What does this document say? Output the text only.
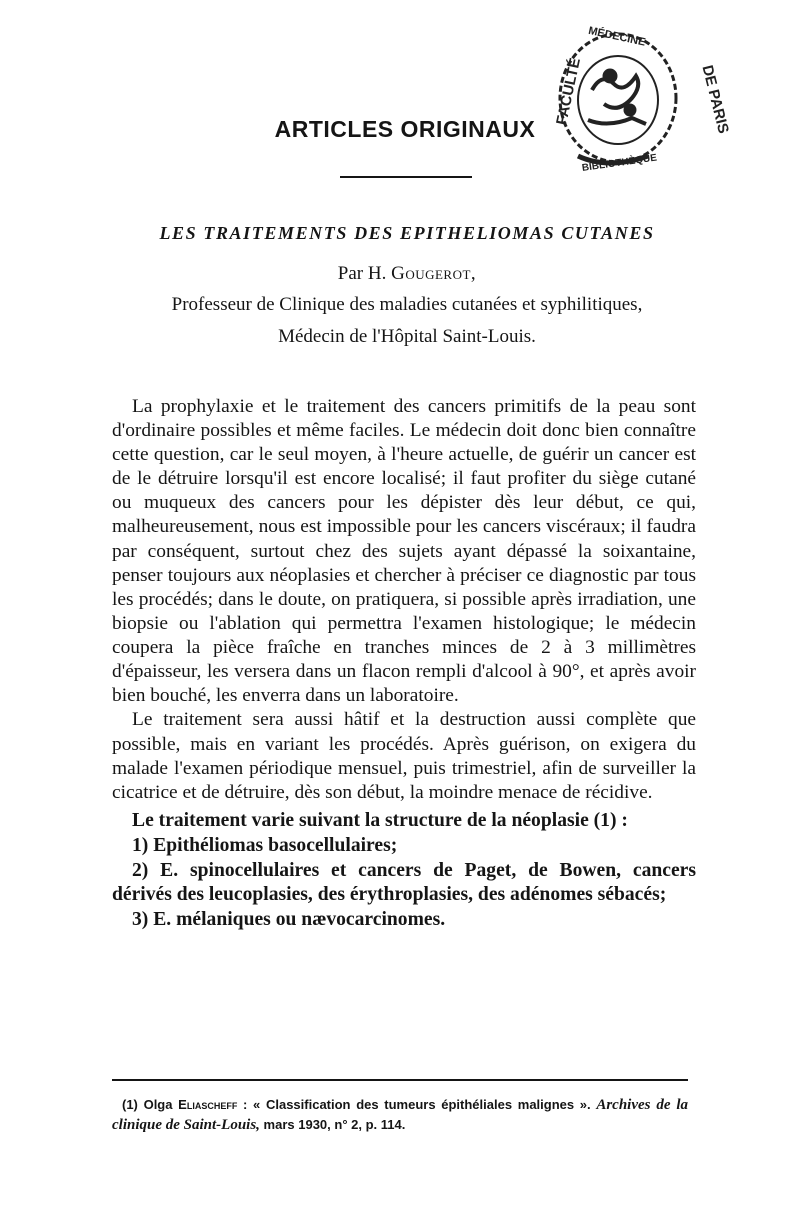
FACULTÉ	DE PARIS
MÉDECINE
BIBLIOTHÈQUE
ARTICLES ORIGINAUX
LES TRAITEMENTS DES EPITHELIOMAS CUTANES
Par H. Gougerot,
Professeur de Clinique des maladies cutanées et syphilitiques,
Médecin de l'Hôpital Saint-Louis.

La prophylaxie et le traitement des cancers primitifs de la peau sont d'ordinaire possibles et même faciles. Le médecin doit donc bien connaître cette question, car le seul moyen, à l'heure actuelle, de guérir un cancer est de le détruire lorsqu'il est encore localisé; il faut profiter du siège cutané ou muqueux des cancers pour les dépister dès leur début, ce qui, malheureusement, nous est impossible pour les cancers viscéraux; il faudra par conséquent, surtout chez des sujets ayant dépassé la soixantaine, penser toujours aux néoplasies et chercher à préciser ce diagnostic par tous les procédés; dans le doute, on pratiquera, si possible après irradiation, une biopsie ou l'ablation qui permettra l'examen histologique; le médecin coupera la pièce fraîche en tranches minces de 2 à 3 millimètres d'épaisseur, les versera dans un flacon rempli d'alcool à 90°, et après avoir bien bouché, les enverra dans un laboratoire.

Le traitement sera aussi hâtif et la destruction aussi complète que possible, mais en variant les procédés. Après guérison, on exigera du malade l'examen périodique mensuel, puis trimestriel, afin de surveiller la cicatrice et de détruire, dès son début, la moindre menace de récidive.

Le traitement varie suivant la structure de la néoplasie (1) :

1) Epithéliomas basocellulaires;

2) E. spinocellulaires et cancers de Paget, de Bowen, cancers dérivés des leucoplasies, des érythroplasies, des adénomes sébacés;

3) E. mélaniques ou nævocarcinomes.

(1) Olga Eliascheff : « Classification des tumeurs épithéliales malignes ». Archives de la clinique de Saint-Louis, mars 1930, n° 2, p. 114.
